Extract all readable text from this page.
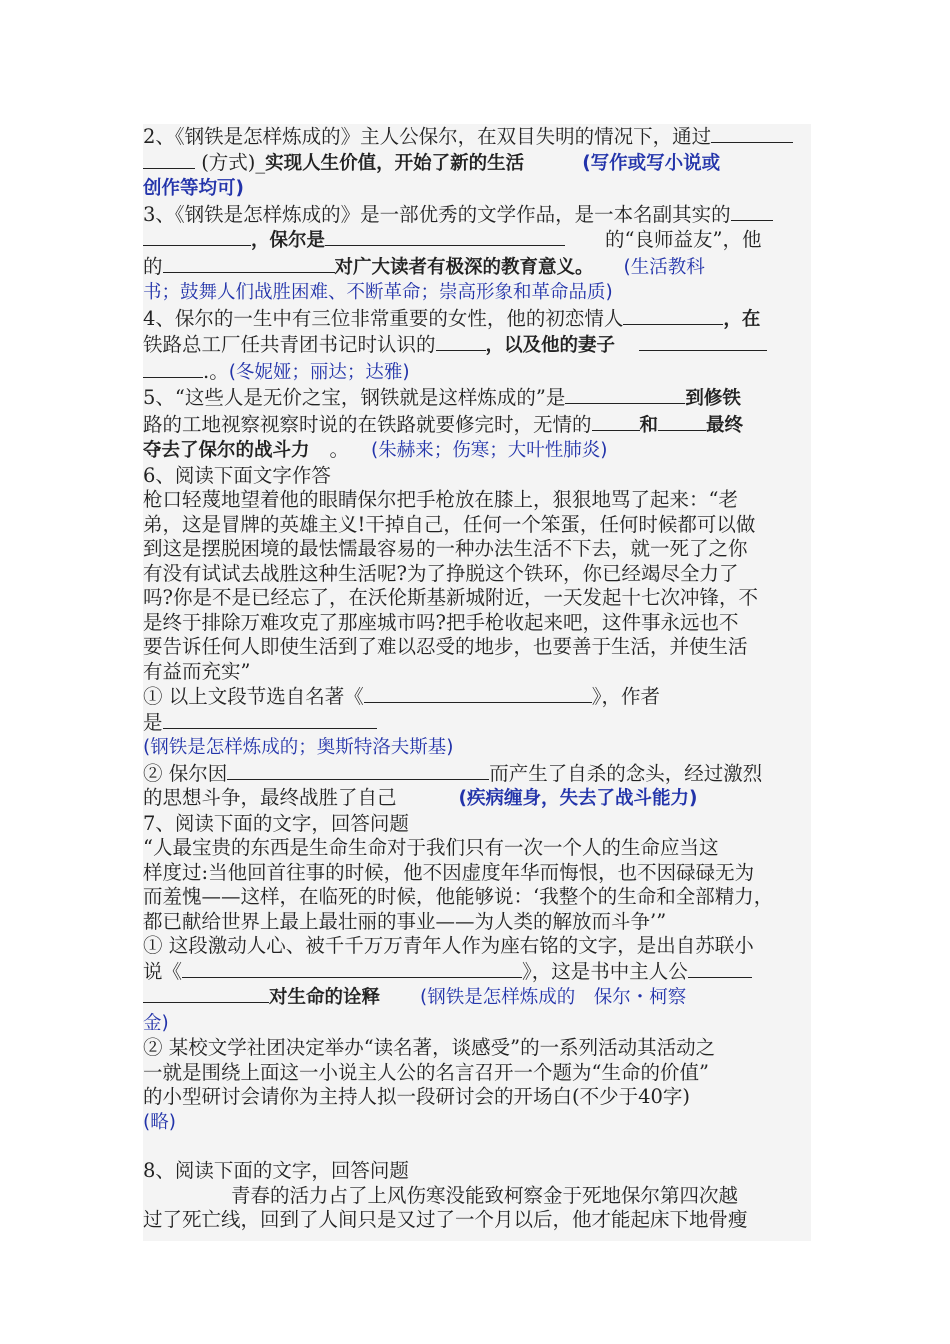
2、《钢铁是怎样炼成的》主人公保尔，在双目失明的情况下，通过

(方式)_实现人生价值，开始了新的生活	(写作或写小说或

创作等均可)

3、《钢铁是怎样炼成的》是一部优秀的文学作品，是一本名副其实的

，保尔是	的“良师益友”，他

的	对广大读者有极深的教育意义。 (生活教科

书；鼓舞人们战胜困难、不断革命；崇高形象和革命品质)

4、保尔的一生中有三位非常重要的女性，他的初恋情人	，在

铁路总工厂任共青团书记时认识的	，以及他的妻子

.。(冬妮娅；丽达；达雅)

5、“这些人是无价之宝，钢铁就是这样炼成的”是	到修铁

路的工地视察视察时说的在铁路就要修完时，无情的	和	最终

夺去了保尔的战斗力 。 (朱赫来；伤寒；大叶性肺炎)

6、阅读下面文字作答

枪口轻蔑地望着他的眼睛保尔把手枪放在膝上，狠狠地骂了起来：“老

弟，这是冒牌的英雄主义!干掉自己，任何一个笨蛋，任何时候都可以做

到这是摆脱困境的最怯懦最容易的一种办法生活不下去，就一死了之你

有没有试试去战胜这种生活呢?为了挣脱这个铁环，你已经竭尽全力了

吗?你是不是已经忘了，在沃伦斯基新城附近，一天发起十七次冲锋，不

是终于排除万难攻克了那座城市吗?把手枪收起来吧，这件事永远也不

要告诉任何人即使生活到了难以忍受的地步，也要善于生活，并使生活

有益而充实”

① 以上文段节选自名著《	》，作者

是

(钢铁是怎样炼成的；奥斯特洛夫斯基)

② 保尔因	而产生了自杀的念头，经过激烈

的思想斗争，最终战胜了自己	(疾病缠身，失去了战斗能力)

7、阅读下面的文字，回答问题

“人最宝贵的东西是生命生命对于我们只有一次一个人的生命应当这

样度过:当他回首往事的时候，他不因虚度年华而悔恨，也不因碌碌无为

而羞愧——这样，在临死的时候，他能够说：‘我整个的生命和全部精力，

都已献给世界上最上最壮丽的事业——为人类的解放而斗争’”

① 这段激动人心、被千千万万青年人作为座右铭的文字，是出自苏联小

说《	》，这是书中主人公

对生命的诠释 (钢铁是怎样炼成的　保尔・柯察

金)

② 某校文学社团决定举办“读名著，谈感受”的一系列活动其活动之

一就是围绕上面这一小说主人公的名言召开一个题为“生命的价值”

的小型研讨会请你为主持人拟一段研讨会的开场白(不少于40字)

(略)

8、阅读下面的文字，回答问题

青春的活力占了上风伤寒没能致柯察金于死地保尔第四次越

过了死亡线，回到了人间只是又过了一个月以后，他才能起床下地骨瘦
